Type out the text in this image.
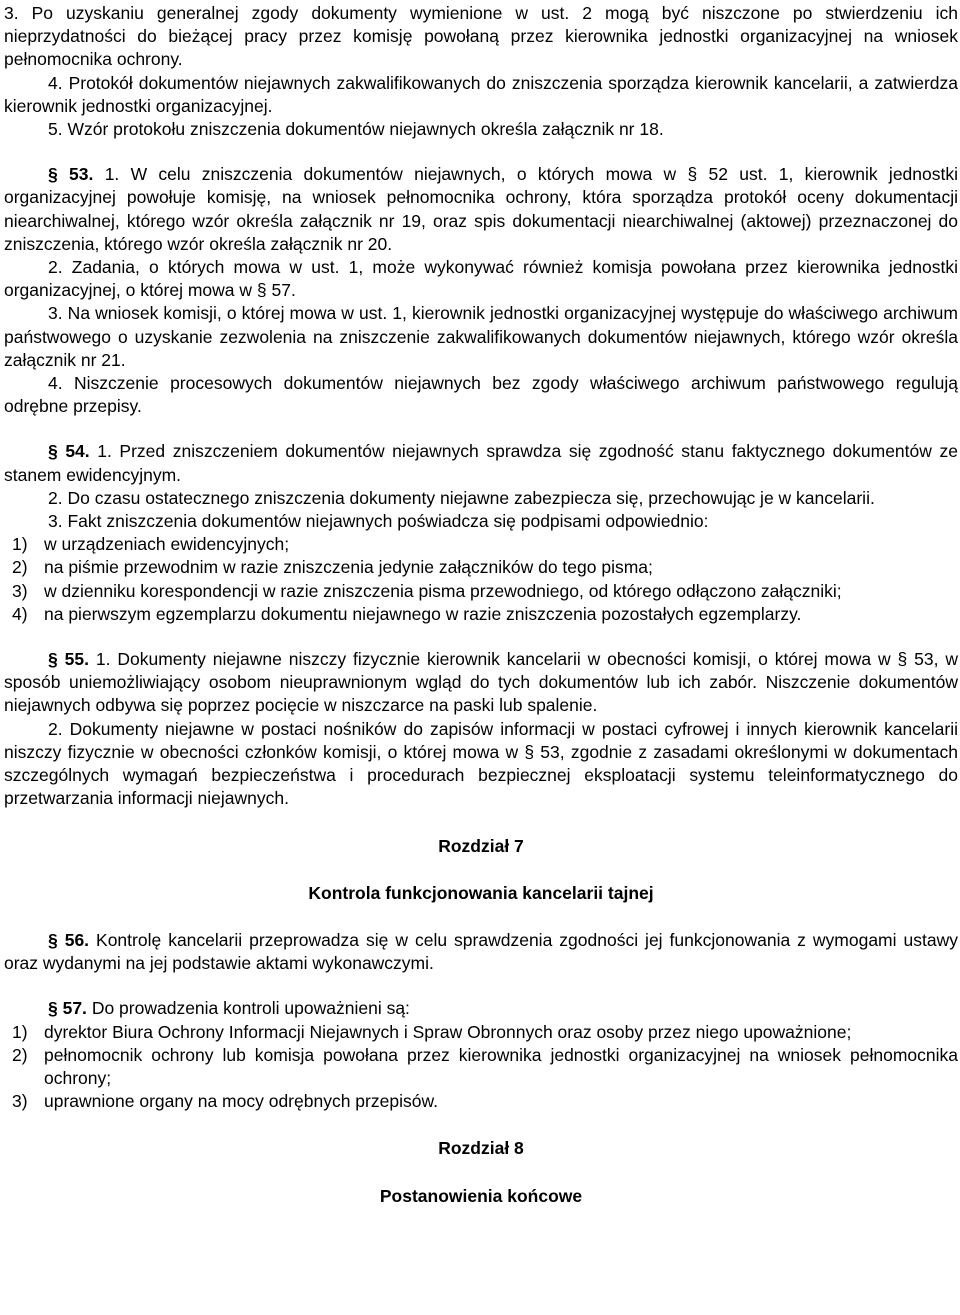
3. Po uzyskaniu generalnej zgody dokumenty wymienione w ust. 2 mogą być niszczone po stwierdzeniu ich nieprzydatności do bieżącej pracy przez komisję powołaną przez kierownika jednostki organizacyjnej na wniosek pełnomocnika ochrony.

4. Protokół dokumentów niejawnych zakwalifikowanych do zniszczenia sporządza kierownik kancelarii, a zatwierdza kierownik jednostki organizacyjnej.

5. Wzór protokołu zniszczenia dokumentów niejawnych określa załącznik nr 18.

§ 53. 1. W celu zniszczenia dokumentów niejawnych, o których mowa w § 52 ust. 1, kierownik jednostki organizacyjnej powołuje komisję, na wniosek pełnomocnika ochrony, która sporządza protokół oceny dokumentacji niearchiwalnej, którego wzór określa załącznik nr 19, oraz spis dokumentacji niearchiwalnej (aktowej) przeznaczonej do zniszczenia, którego wzór określa załącznik nr 20.

2. Zadania, o których mowa w ust. 1, może wykonywać również komisja powołana przez kierownika jednostki organizacyjnej, o której mowa w § 57.

3. Na wniosek komisji, o której mowa w ust. 1, kierownik jednostki organizacyjnej występuje do właściwego archiwum państwowego o uzyskanie zezwolenia na zniszczenie zakwalifikowanych dokumentów niejawnych, którego wzór określa załącznik nr 21.

4. Niszczenie procesowych dokumentów niejawnych bez zgody właściwego archiwum państwowego regulują odrębne przepisy.

§ 54. 1. Przed zniszczeniem dokumentów niejawnych sprawdza się zgodność stanu faktycznego dokumentów ze stanem ewidencyjnym.

2. Do czasu ostatecznego zniszczenia dokumenty niejawne zabezpiecza się, przechowując je w kancelarii.

3. Fakt zniszczenia dokumentów niejawnych poświadcza się podpisami odpowiednio:

1) w urządzeniach ewidencyjnych;
2) na piśmie przewodnim w razie zniszczenia jedynie załączników do tego pisma;
3) w dzienniku korespondencji w razie zniszczenia pisma przewodniego, od którego odłączono załączniki;
4) na pierwszym egzemplarzu dokumentu niejawnego w razie zniszczenia pozostałych egzemplarzy.

§ 55. 1. Dokumenty niejawne niszczy fizycznie kierownik kancelarii w obecności komisji, o której mowa w § 53, w sposób uniemożliwiający osobom nieuprawnionym wgląd do tych dokumentów lub ich zabór. Niszczenie dokumentów niejawnych odbywa się poprzez pocięcie w niszczarce na paski lub spalenie.

2. Dokumenty niejawne w postaci nośników do zapisów informacji w postaci cyfrowej i innych kierownik kancelarii niszczy fizycznie w obecności członków komisji, o której mowa w § 53, zgodnie z zasadami określonymi w dokumentach szczególnych wymagań bezpieczeństwa i procedurach bezpiecznej eksploatacji systemu teleinformatycznego do przetwarzania informacji niejawnych.

Rozdział 7

Kontrola funkcjonowania kancelarii tajnej

§ 56. Kontrolę kancelarii przeprowadza się w celu sprawdzenia zgodności jej funkcjonowania z wymogami ustawy oraz wydanymi na jej podstawie aktami wykonawczymi.

§ 57. Do prowadzenia kontroli upoważnieni są:

1) dyrektor Biura Ochrony Informacji Niejawnych i Spraw Obronnych oraz osoby przez niego upoważnione;
2) pełnomocnik ochrony lub komisja powołana przez kierownika jednostki organizacyjnej na wniosek pełnomocnika ochrony;
3) uprawnione organy na mocy odrębnych przepisów.

Rozdział 8

Postanowienia końcowe
